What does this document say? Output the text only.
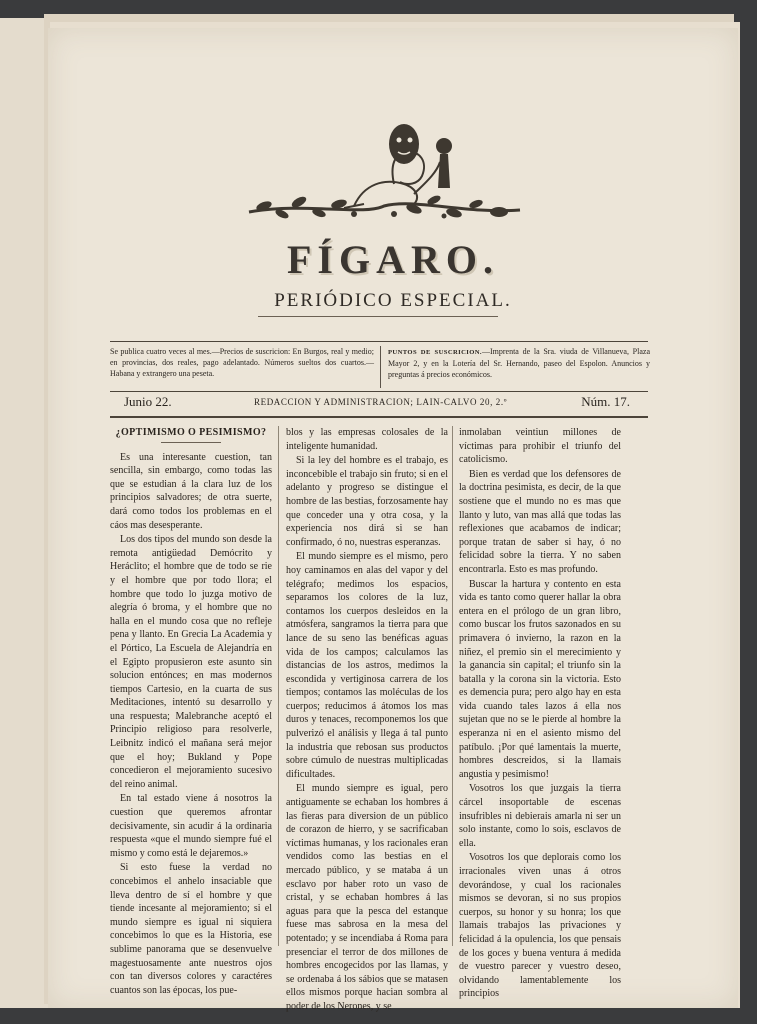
FÍGARO.
PERIÓDICO ESPECIAL.
Se publica cuatro veces al mes.—Precios de suscricion: En Burgos, real y medio; en provincias, dos reales, pago adelantado. Números sueltos dos cuartos.—Habana y extrangero una peseta.
PUNTOS DE SUSCRICION.—Imprenta de la Sra. viuda de Villanueva, Plaza Mayor 2, y en la Lotería del Sr. Hernando, paseo del Espolon. Anuncios y preguntas á precios económicos.
Junio 22.	REDACCION Y ADMINISTRACION; LAIN-CALVO 20, 2.º	Núm. 17.
¿OPTIMISMO O PESIMISMO?

Es una interesante cuestion, tan sencilla, sin embargo, como todas las que se estudian á la clara luz de los principios salvadores; de otra suerte, dará como todos los problemas en el cáos mas desesperante.

Los dos tipos del mundo son desde la remota antigüedad Demócrito y Heráclito; el hombre que de todo se rie y el hombre que por todo llora; el hombre que todo lo juzga motivo de alegría ó broma, y el hombre que no halla en el mundo cosa que no refleje pena y llanto. En Grecia La Academia y el Pórtico, La Escuela de Alejandría en el Egipto propusieron este asunto sin solucion entónces; en mas modernos tiempos Cartesio, en la cuarta de sus Meditaciones, intentó su desarrollo y una respuesta; Malebranche aceptó el Principio religioso para resolverle, Leibnitz indicó el mañana será mejor que el hoy; Bukland y Pope concedieron el mejoramiento sucesivo del reino animal.

En tal estado viene á nosotros la cuestion que queremos afrontar decisivamente, sin acudir á la ordinaria respuesta «que el mundo siempre fué el mismo y como está le dejaremos.»

Si esto fuese la verdad no concebimos el anhelo insaciable que lleva dentro de sí el hombre y que tiende incesante al mejoramiento; si el mundo siempre es igual ni siquiera concebimos lo que es la Historia, ese sublime panorama que se desenvuelve magestuosamente ante nuestros ojos con tan diversos colores y caractéres cuantos son las épocas, los pue-

blos y las empresas colosales de la inteligente humanidad.

Si la ley del hombre es el trabajo, es inconcebible el trabajo sin fruto; si en el adelanto y progreso se distingue el hombre de las bestias, forzosamente hay que conceder una y otra cosa, y la experiencia nos dirá si se han confirmado, ó no, nuestras esperanzas.

El mundo siempre es el mismo, pero hoy caminamos en alas del vapor y del telégrafo; medimos los espacios, separamos los colores de la luz, contamos los cuerpos desleidos en la atmósfera, sangramos la tierra para que lance de su seno las benéficas aguas vida de los campos; calculamos las distancias de los astros, medimos la escondida y vertiginosa carrera de los tiempos; contamos las moléculas de los cuerpos; reducimos á átomos los mas duros y tenaces, recomponemos los que pulverizó el análisis y llega á tal punto la industria que rebosan sus productos sobre cúmulo de nuestras multiplicadas dificultades.

El mundo siempre es igual, pero antiguamente se echaban los hombres á las fieras para diversion de un público de corazon de hierro, y se sacrificaban víctimas humanas, y los racionales eran vendidos como las bestias en el mercado público, y se mataba á un esclavo por haber roto un vaso de cristal, y se echaban hombres á las aguas para que la pesca del estanque fuese mas sabrosa en la mesa del potentado; y se incendiaba á Roma para presenciar el terror de dos millones de hombres encogecidos por las llamas, y se ordenaba á los sábios que se matasen ellos mismos porque hacian sombra al poder de los Nerones, y se

inmolaban veintiun millones de víctimas para prohibir el triunfo del catolicismo.

Bien es verdad que los defensores de la doctrina pesimista, es decir, de la que sostiene que el mundo no es mas que llanto y luto, van mas allá que todas las reflexiones que acabamos de indicar; porque tratan de saber si hay, ó no felicidad sobre la tierra. Y no saben encontrarla. Esto es mas profundo.

Buscar la hartura y contento en esta vida es tanto como querer hallar la obra entera en el prólogo de un gran libro, como buscar los frutos sazonados en su primavera ó invierno, la razon en la niñez, el premio sin el merecimiento y la ganancia sin capital; el triunfo sin la batalla y la corona sin la victoria. Esto es demencia pura; pero algo hay en esta vida cuando tales lazos á ella nos sujetan que no se le pierde al hombre la esperanza ni en el asiento mismo del patíbulo. ¡Por qué lamentais la muerte, hombres descreidos, si la llamais angustia y pesimismo!

Vosotros los que juzgais la tierra cárcel insoportable de escenas insufribles ni debierais amarla ni ser un solo instante, como lo sois, esclavos de ella.

Vosotros los que deplorais como los irracionales viven unas á otros devorándose, y cual los racionales mismos se devoran, si no sus propios cuerpos, su honor y su honra; los que llamais trabajos las privaciones y felicidad á la opulencia, los que pensais de los goces y buena ventura á medida de vuestro parecer y vuestro deseo, olvidando lamentablemente los principios
